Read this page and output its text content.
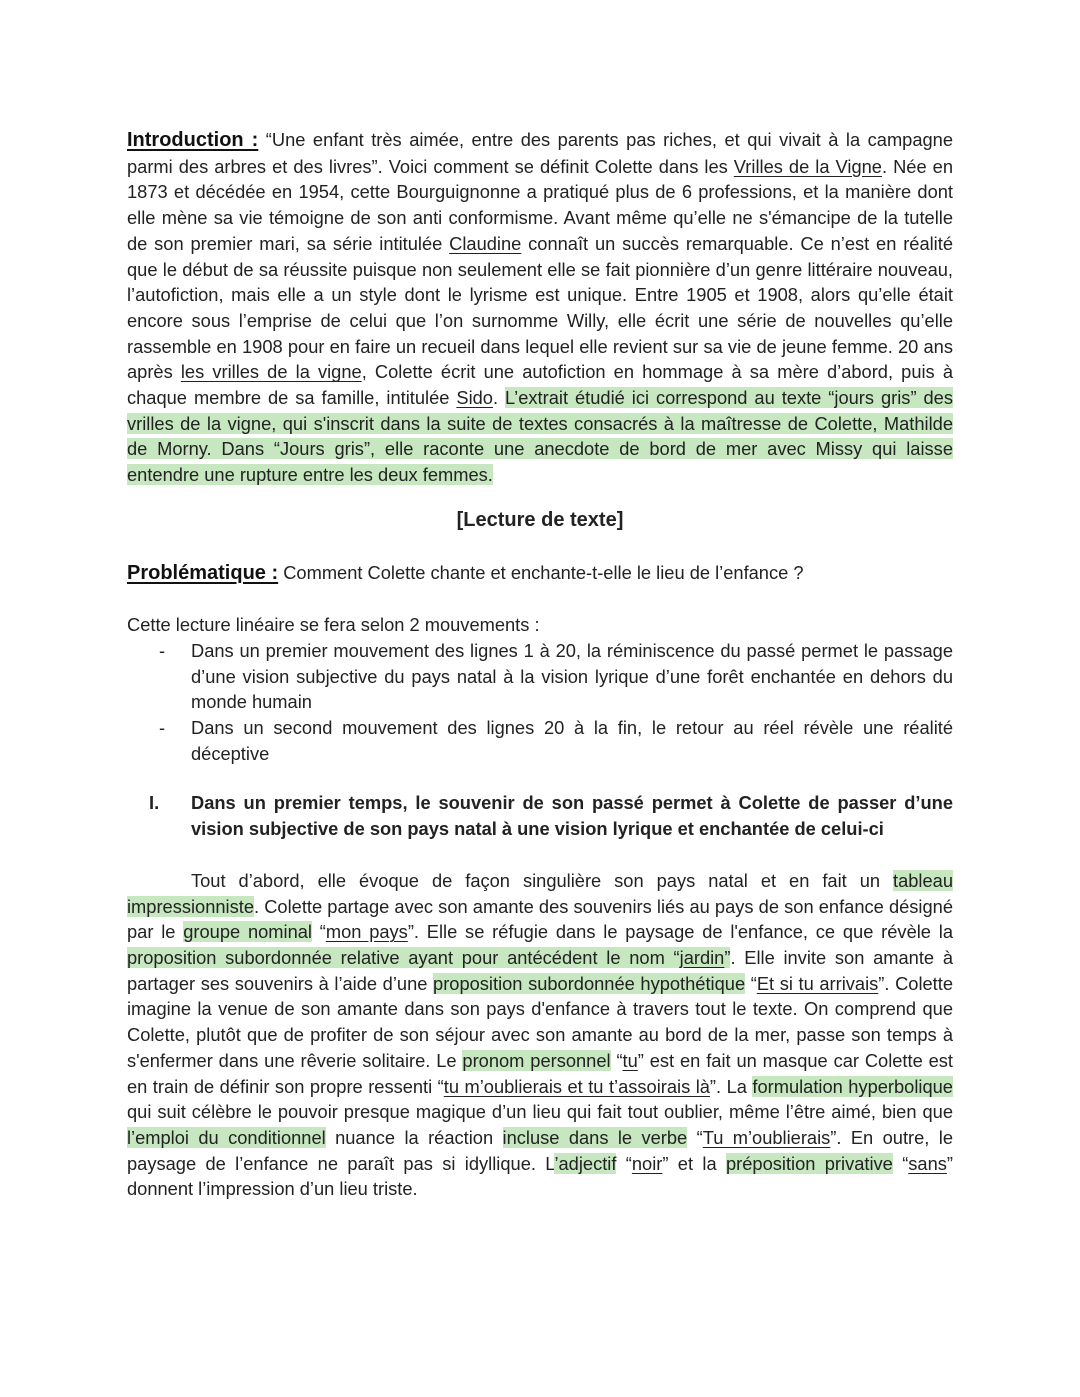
Introduction : “Une enfant très aimée, entre des parents pas riches, et qui vivait à la campagne parmi des arbres et des livres”. Voici comment se définit Colette dans les Vrilles de la Vigne. Née en 1873 et décédée en 1954, cette Bourguignonne a pratiqué plus de 6 professions, et la manière dont elle mène sa vie témoigne de son anti conformisme. Avant même qu’elle ne s'émancipe de la tutelle de son premier mari, sa série intitulée Claudine connaît un succès remarquable. Ce n’est en réalité que le début de sa réussite puisque non seulement elle se fait pionnière d’un genre littéraire nouveau, l’autofiction, mais elle a un style dont le lyrisme est unique. Entre 1905 et 1908, alors qu’elle était encore sous l’emprise de celui que l’on surnomme Willy, elle écrit une série de nouvelles qu’elle rassemble en 1908 pour en faire un recueil dans lequel elle revient sur sa vie de jeune femme. 20 ans après les vrilles de la vigne, Colette écrit une autofiction en hommage à sa mère d’abord, puis à chaque membre de sa famille, intitulée Sido. L’extrait étudié ici correspond au texte “jours gris” des vrilles de la vigne, qui s'inscrit dans la suite de textes consacrés à la maîtresse de Colette, Mathilde de Morny. Dans “Jours gris”, elle raconte une anecdote de bord de mer avec Missy qui laisse entendre une rupture entre les deux femmes.

[Lecture de texte]

Problématique : Comment Colette chante et enchante-t-elle le lieu de l’enfance ?

Cette lecture linéaire se fera selon 2 mouvements :

- Dans un premier mouvement des lignes 1 à 20, la réminiscence du passé permet le passage d’une vision subjective du pays natal à la vision lyrique d’une forêt enchantée en dehors du monde humain
- Dans un second mouvement des lignes 20 à la fin, le retour au réel révèle une réalité déceptive
I. Dans un premier temps, le souvenir de son passé permet à Colette de passer d’une vision subjective de son pays natal à une vision lyrique et enchantée de celui-ci

Tout d’abord, elle évoque de façon singulière son pays natal et en fait un tableau impressionniste. Colette partage avec son amante des souvenirs liés au pays de son enfance désigné par le groupe nominal “mon pays”. Elle se réfugie dans le paysage de l'enfance, ce que révèle la proposition subordonnée relative ayant pour antécédent le nom “jardin”. Elle invite son amante à partager ses souvenirs à l’aide d’une proposition subordonnée hypothétique “Et si tu arrivais”. Colette imagine la venue de son amante dans son pays d'enfance à travers tout le texte. On comprend que Colette, plutôt que de profiter de son séjour avec son amante au bord de la mer, passe son temps à s'enfermer dans une rêverie solitaire. Le pronom personnel “tu” est en fait un masque car Colette est en train de définir son propre ressenti “tu m’oublierais et tu t’assoirais là”. La formulation hyperbolique qui suit célèbre le pouvoir presque magique d’un lieu qui fait tout oublier, même l’être aimé, bien que l’emploi du conditionnel nuance la réaction incluse dans le verbe “Tu m’oublierais”. En outre, le paysage de l’enfance ne paraît pas si idyllique. L’adjectif “noir” et la préposition privative “sans” donnent l’impression d’un lieu triste.
